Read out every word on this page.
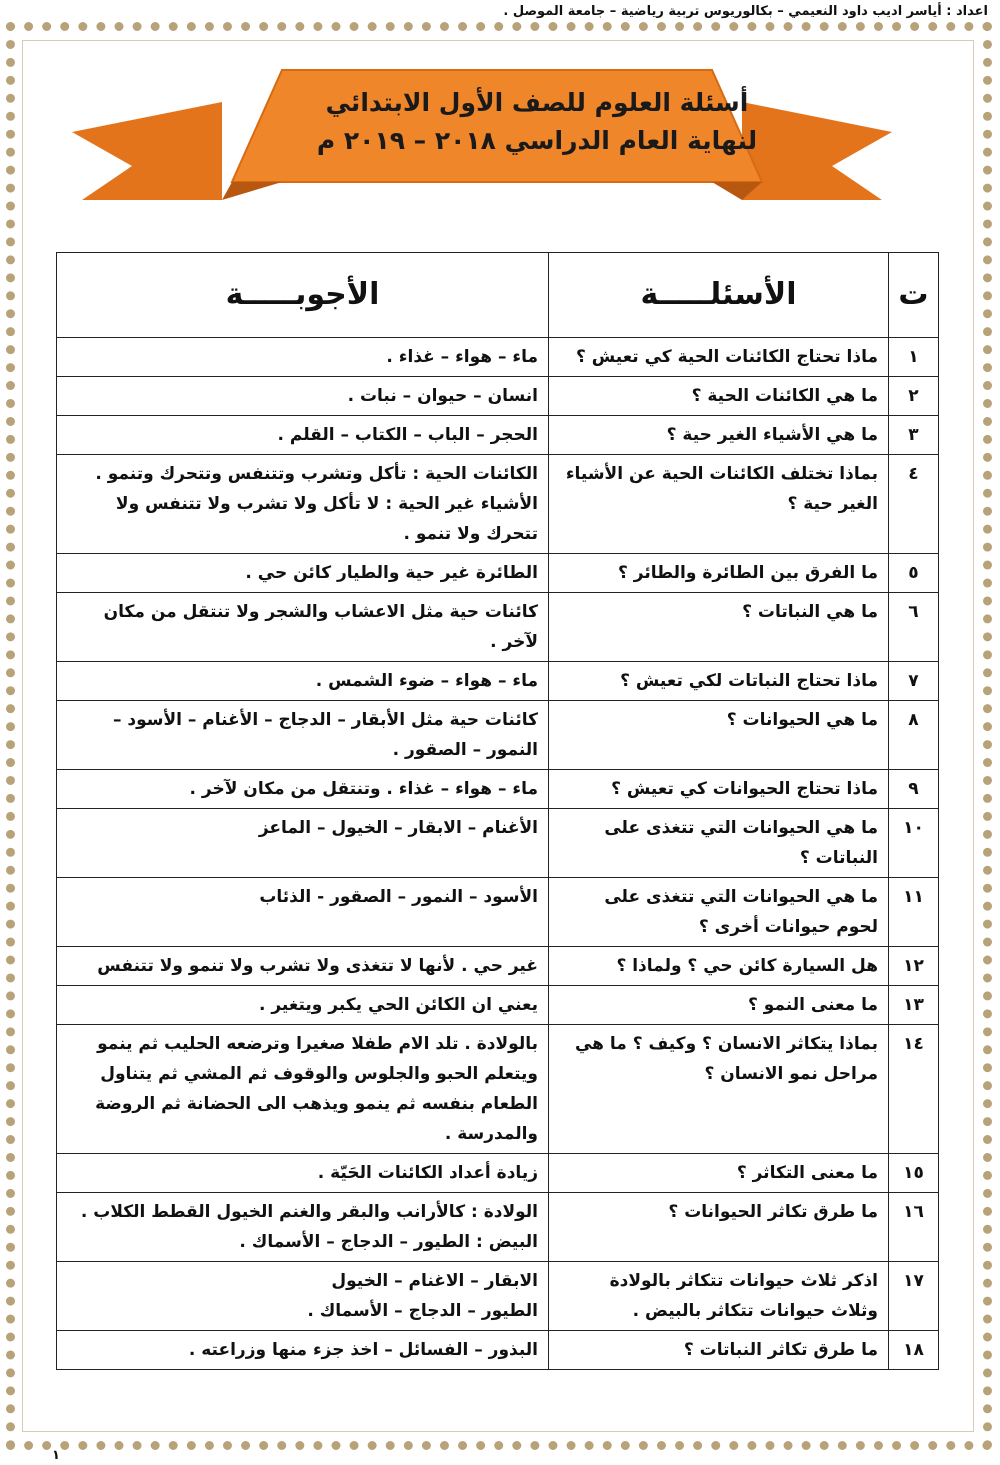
اعداد : أياسر اديب داود النعيمي – بكالوريوس تربية رياضية – جامعة الموصل .
أسئلة العلوم للصف الأول الابتدائي
لنهاية العام الدراسي ٢٠١٨ – ٢٠١٩ م
ت	الأسئلـــــة	الأجوبـــــة
١	ماذا تحتاج الكائنات الحية كي تعيش ؟	ماء – هواء – غذاء .

٢	ما هي الكائنات الحية ؟	انسان – حيوان – نبات .

٣	ما هي الأشياء الغير حية ؟	الحجر – الباب – الكتاب – القلم .

٤	بماذا تختلف الكائنات الحية عن الأشياء الغير حية ؟	الكائنات الحية : تأكل وتشرب وتتنفس وتتحرك وتنمو .
الأشياء غير الحية : لا تأكل ولا تشرب ولا تتنفس ولا تتحرك ولا تنمو .

٥	ما الفرق بين الطائرة والطائر ؟	الطائرة غير حية والطيار كائن حي .

٦	ما هي النباتات ؟	كائنات حية مثل الاعشاب والشجر ولا تنتقل من مكان لآخر .

٧	ماذا تحتاج النباتات لكي تعيش ؟	ماء – هواء – ضوء الشمس .

٨	ما هي الحيوانات ؟	كائنات حية مثل الأبقار – الدجاج – الأغنام – الأسود – النمور – الصقور .

٩	ماذا تحتاج الحيوانات كي تعيش ؟	ماء – هواء – غذاء . وتنتقل من مكان لآخر .

١٠	ما هي الحيوانات التي تتغذى على النباتات ؟	الأغنام – الابقار – الخيول – الماعز

١١	ما هي الحيوانات التي تتغذى على لحوم حيوانات أخرى ؟	الأسود – النمور – الصقور - الذئاب

١٢	هل السيارة كائن حي ؟ ولماذا ؟	غير حي . لأنها لا تتغذى ولا تشرب ولا تنمو ولا تتنفس

١٣	ما معنى النمو ؟	يعني ان الكائن الحي يكبر ويتغير .

١٤	بماذا يتكاثر الانسان ؟ وكيف ؟ ما هي مراحل نمو الانسان ؟	بالولادة . تلد الام طفلا صغيرا وترضعه الحليب ثم ينمو ويتعلم الحبو والجلوس والوقوف ثم المشي ثم يتناول الطعام بنفسه ثم ينمو ويذهب الى الحضانة ثم الروضة والمدرسة .

١٥	ما معنى التكاثر ؟	زيادة أعداد الكائنات الحَيّة .

١٦	ما طرق تكاثر الحيوانات ؟	الولادة : كالأرانب والبقر والغنم الخيول القطط الكلاب .
البيض : الطيور – الدجاج – الأسماك .

١٧	اذكر ثلاث حيوانات تتكاثر بالولادة وثلاث حيوانات تتكاثر بالبيض .	الابقار – الاغنام – الخيول
الطيور – الدجاج – الأسماك .

١٨	ما طرق تكاثر النباتات ؟	البذور – الفسائل – اخذ جزء منها وزراعته .
١
